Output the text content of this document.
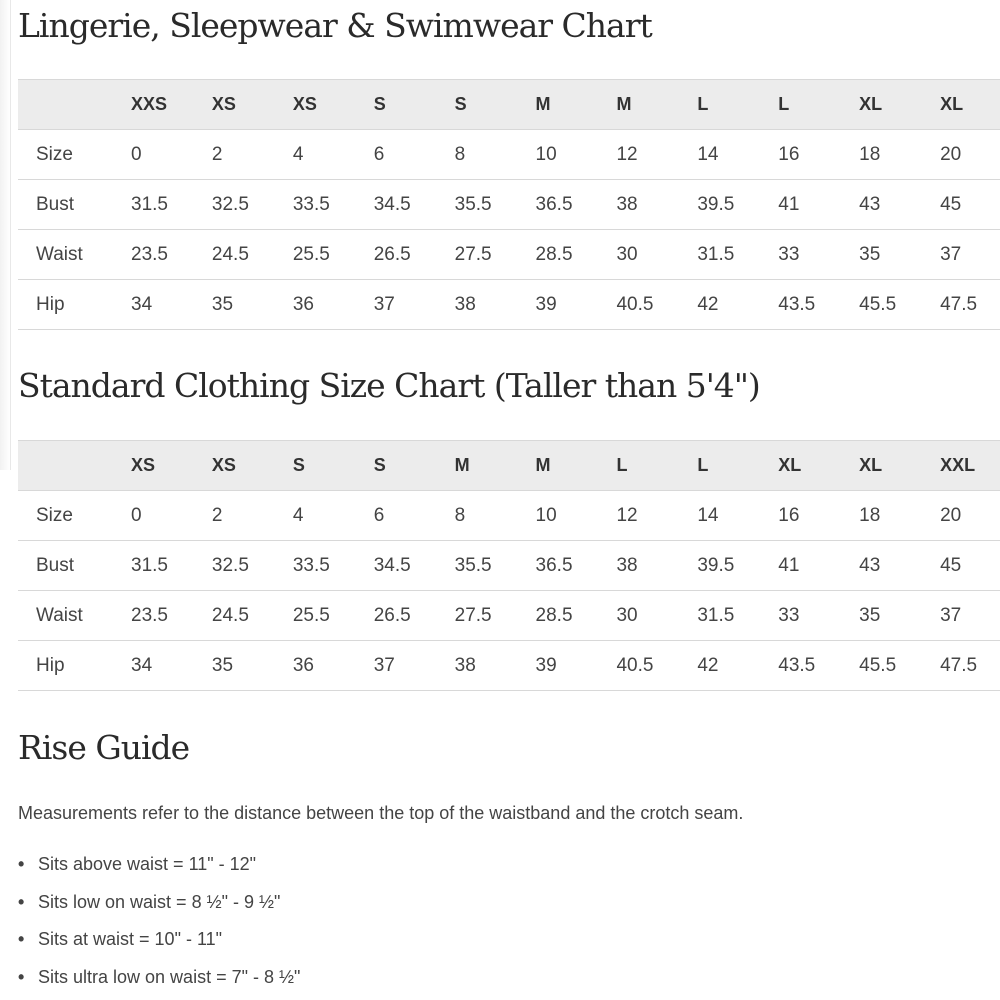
Lingerie, Sleepwear & Swimwear Chart
	XXS	XS	XS	S	S	M	M	L	L	XL	XL
Size	0	2	4	6	8	10	12	14	16	18	20
Bust	31.5	32.5	33.5	34.5	35.5	36.5	38	39.5	41	43	45
Waist	23.5	24.5	25.5	26.5	27.5	28.5	30	31.5	33	35	37
Hip	34	35	36	37	38	39	40.5	42	43.5	45.5	47.5
Standard Clothing Size Chart (Taller than 5'4")
	XS	XS	S	S	M	M	L	L	XL	XL	XXL
Size	0	2	4	6	8	10	12	14	16	18	20
Bust	31.5	32.5	33.5	34.5	35.5	36.5	38	39.5	41	43	45
Waist	23.5	24.5	25.5	26.5	27.5	28.5	30	31.5	33	35	37
Hip	34	35	36	37	38	39	40.5	42	43.5	45.5	47.5
Rise Guide

Measurements refer to the distance between the top of the waistband and the crotch seam.

• Sits above waist = 11" - 12"
• Sits low on waist = 8 ½" - 9 ½"
• Sits at waist = 10" - 11"
• Sits ultra low on waist = 7" - 8 ½"
